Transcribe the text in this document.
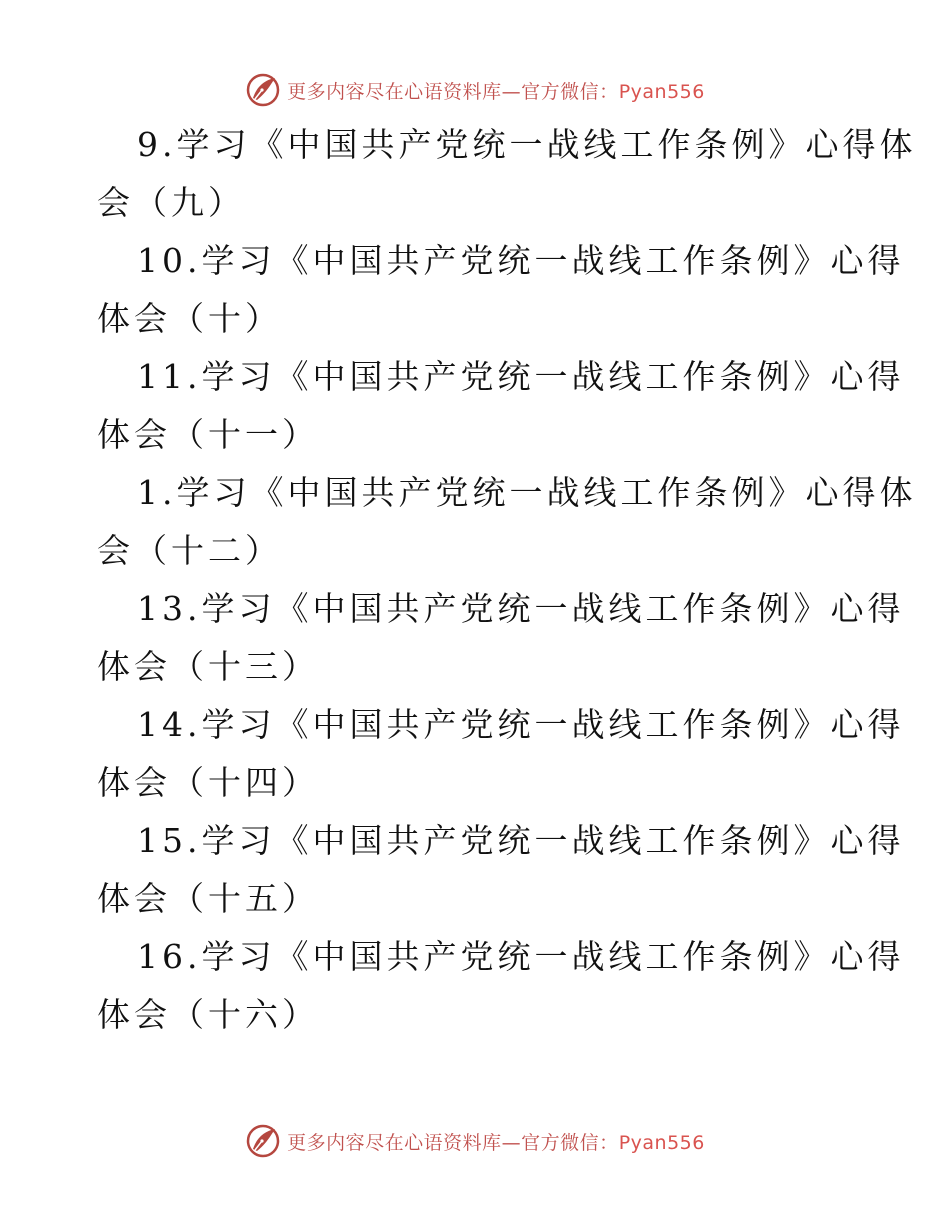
更多内容尽在心语资料库—官方微信：Pyan556
9.学习《中国共产党统一战线工作条例》心得体
会（九）
10.学习《中国共产党统一战线工作条例》心得
体会（十）
11.学习《中国共产党统一战线工作条例》心得
体会（十一）
1.学习《中国共产党统一战线工作条例》心得体
会（十二）
13.学习《中国共产党统一战线工作条例》心得
体会（十三）
14.学习《中国共产党统一战线工作条例》心得
体会（十四）
15.学习《中国共产党统一战线工作条例》心得
体会（十五）
16.学习《中国共产党统一战线工作条例》心得
体会（十六）
更多内容尽在心语资料库—官方微信：Pyan556
